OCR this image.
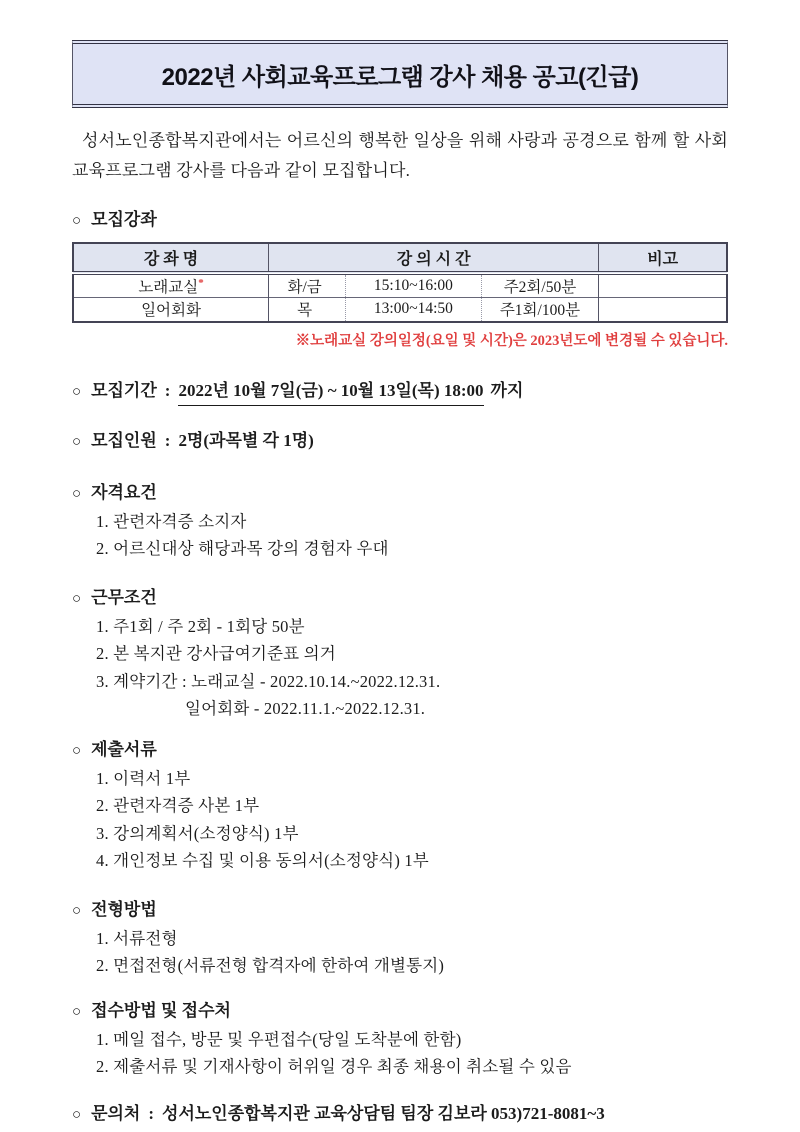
2022년 사회교육프로그램 강사 채용 공고(긴급)

성서노인종합복지관에서는 어르신의 행복한 일상을 위해 사랑과 공경으로 함께 할 사회교육프로그램 강사를 다음과 같이 모집합니다.

○ 모집강좌
강 좌 명	강 의 시 간			비고
노래교실*	화/금	15:10~16:00	주2회/50분	
일어회화	목	13:00~14:50	주1회/100분	
※노래교실 강의일정(요일 및 시간)은 2023년도에 변경될 수 있습니다.
○ 모집기간 : 2022년 10월 7일(금) ~ 10월 13일(목) 18:00 까지
○ 모집인원 : 2명(과목별 각 1명)
○ 자격요건
1. 관련자격증 소지자
2. 어르신대상 해당과목 강의 경험자 우대
○ 근무조건
1. 주1회 / 주 2회 - 1회당 50분
2. 본 복지관 강사급여기준표 의거
3. 계약기간 : 노래교실 - 2022.10.14.~2022.12.31.
일어회화 - 2022.11.1.~2022.12.31.
○ 제출서류
1. 이력서 1부
2. 관련자격증 사본 1부
3. 강의계획서(소정양식) 1부
4. 개인정보 수집 및 이용 동의서(소정양식) 1부
○ 전형방법
1. 서류전형
2. 면접전형(서류전형 합격자에 한하여 개별통지)
○ 접수방법 및 접수처
1. 메일 접수, 방문 및 우편접수(당일 도착분에 한함)
2. 제출서류 및 기재사항이 허위일 경우 최종 채용이 취소될 수 있음
○ 문의처 : 성서노인종합복지관 교육상담팀 팀장 김보라 053)721-8081~3
